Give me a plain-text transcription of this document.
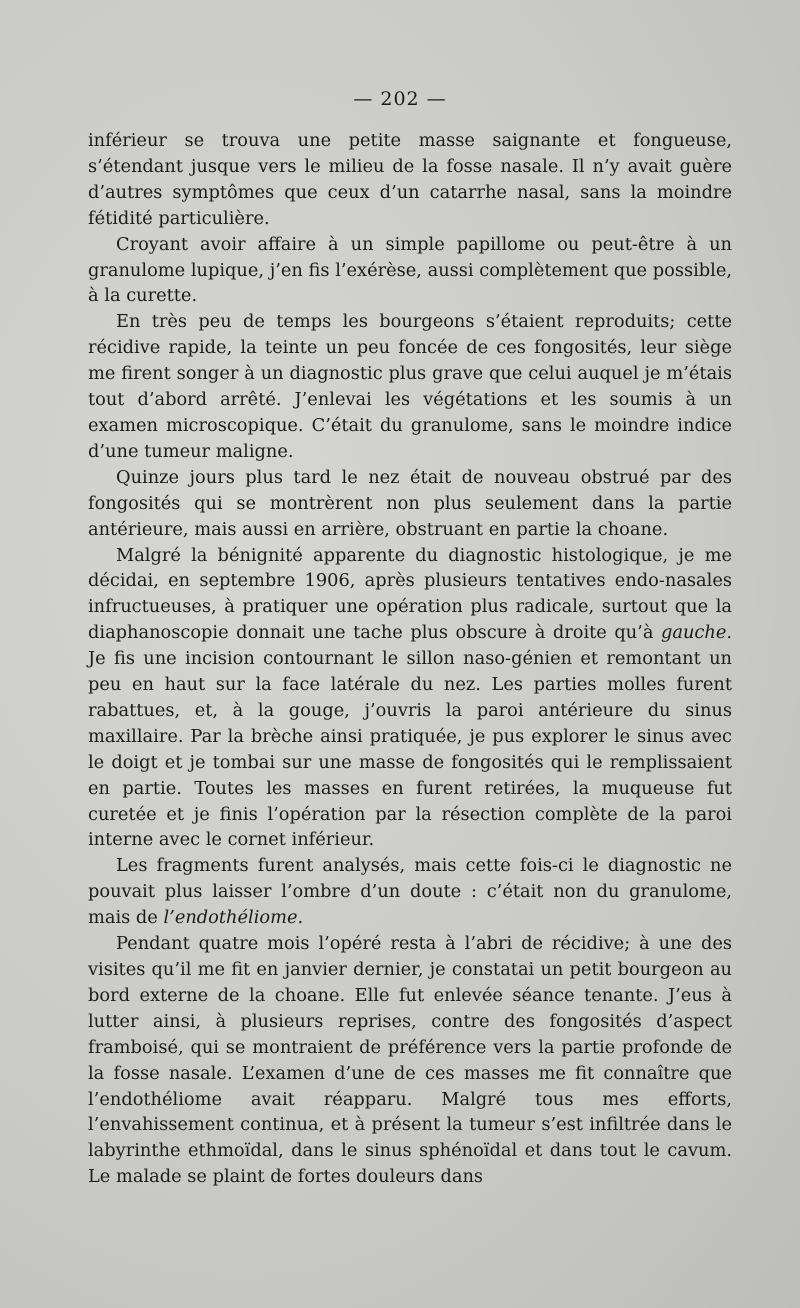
— 202 —

inférieur se trouva une petite masse saignante et fongueuse, s’étendant jusque vers le milieu de la fosse nasale. Il n’y avait guère d’autres symptômes que ceux d’un catarrhe nasal, sans la moindre fétidité particulière.

Croyant avoir affaire à un simple papillome ou peut-être à un granulome lupique, j’en fis l’exérèse, aussi complètement que possible, à la curette.

En très peu de temps les bourgeons s’étaient reproduits; cette récidive rapide, la teinte un peu foncée de ces fongosités, leur siège me firent songer à un diagnostic plus grave que celui auquel je m’étais tout d’abord arrêté. J’enlevai les végétations et les soumis à un examen microscopique. C’était du granulome, sans le moindre indice d’une tumeur maligne.

Quinze jours plus tard le nez était de nouveau obstrué par des fongosités qui se montrèrent non plus seulement dans la partie antérieure, mais aussi en arrière, obstruant en partie la choane.

Malgré la bénignité apparente du diagnostic histologique, je me décidai, en septembre 1906, après plusieurs tentatives endo-nasales infructueuses, à pratiquer une opération plus radicale, surtout que la diaphanoscopie donnait une tache plus obscure à droite qu’à gauche. Je fis une incision contournant le sillon naso-génien et remontant un peu en haut sur la face latérale du nez. Les parties molles furent rabattues, et, à la gouge, j’ouvris la paroi antérieure du sinus maxillaire. Par la brèche ainsi pratiquée, je pus explorer le sinus avec le doigt et je tombai sur une masse de fongosités qui le remplissaient en partie. Toutes les masses en furent retirées, la muqueuse fut curetée et je finis l’opération par la résection complète de la paroi interne avec le cornet inférieur.

Les fragments furent analysés, mais cette fois-ci le diagnostic ne pouvait plus laisser l’ombre d’un doute : c’était non du granulome, mais de l’endothéliome.

Pendant quatre mois l’opéré resta à l’abri de récidive; à une des visites qu’il me fit en janvier dernier, je constatai un petit bourgeon au bord externe de la choane. Elle fut enlevée séance tenante. J’eus à lutter ainsi, à plusieurs reprises, contre des fongosités d’aspect framboisé, qui se montraient de préférence vers la partie profonde de la fosse nasale. L’examen d’une de ces masses me fit connaître que l’endothéliome avait réapparu. Malgré tous mes efforts, l’envahissement continua, et à présent la tumeur s’est infiltrée dans le labyrinthe ethmoïdal, dans le sinus sphénoïdal et dans tout le cavum. Le malade se plaint de fortes douleurs dans
